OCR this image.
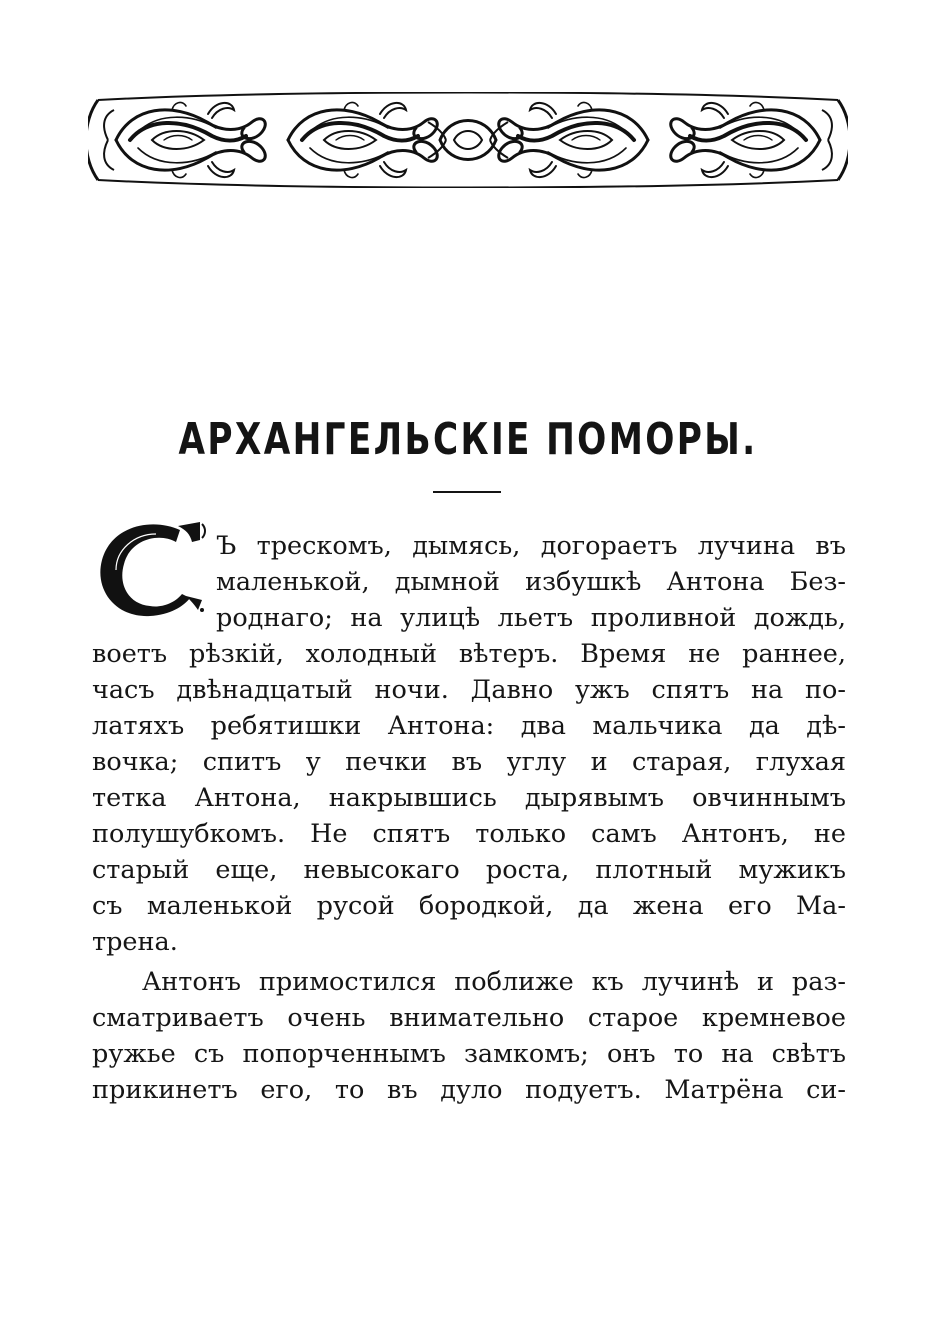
АРХАНГЕЛЬСКІЕ ПОМОРЫ.
Ъ трескомъ, дымясь, догораетъ лучина въ
маленькой, дымной избушкѣ Антона Без-
роднаго; на улицѣ льетъ проливной дождь,
воетъ рѣзкій, холодный вѣтеръ. Время не раннее,
часъ двѣнадцатый ночи. Давно ужъ спятъ на по-
латяхъ ребятишки Антона: два мальчика да дѣ-
вочка; спитъ у печки въ углу и старая, глухая
тетка Антона, накрывшись дырявымъ овчиннымъ
полушубкомъ. Не спятъ только самъ Антонъ, не
старый еще, невысокаго роста, плотный мужикъ
съ маленькой русой бородкой, да жена его Ма-
трена.
Антонъ примостился поближе къ лучинѣ и раз-
сматриваетъ очень внимательно старое кремневое
ружье съ попорченнымъ замкомъ; онъ то на свѣтъ
прикинетъ его, то въ дуло подуетъ. Матрёна си-
